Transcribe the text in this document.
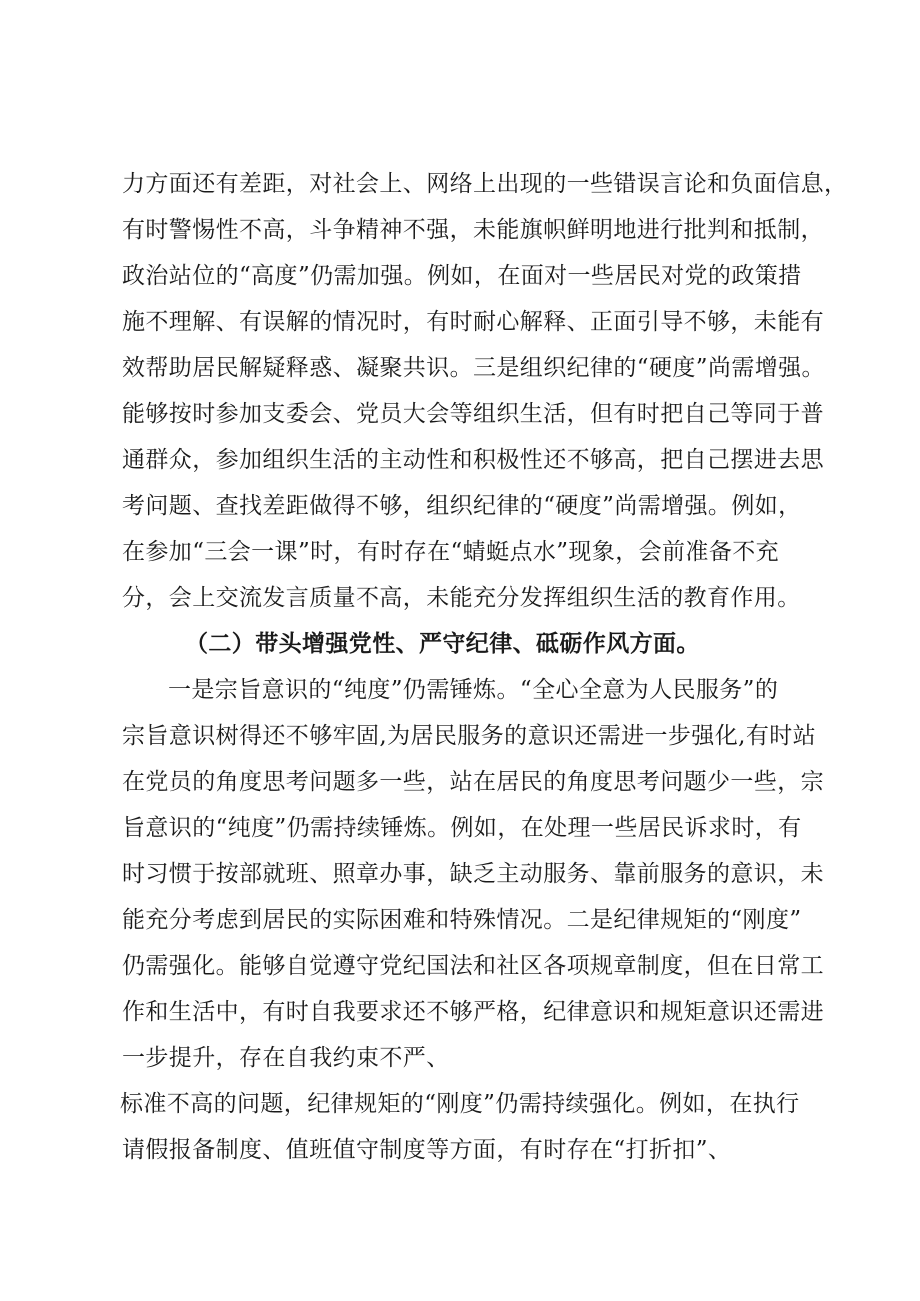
力方面还有差距，对社会上、网络上出现的一些错误言论和负面信息，
有时警惕性不高，斗争精神不强，未能旗帜鲜明地进行批判和抵制，
政治站位的“高度”仍需加强。例如，在面对一些居民对党的政策措
施不理解、有误解的情况时，有时耐心解释、正面引导不够，未能有
效帮助居民解疑释惑、凝聚共识。三是组织纪律的“硬度”尚需增强。
能够按时参加支委会、党员大会等组织生活，但有时把自己等同于普
通群众，参加组织生活的主动性和积极性还不够高，把自己摆进去思
考问题、查找差距做得不够，组织纪律的“硬度”尚需增强。例如，
在参加“三会一课”时，有时存在“蜻蜓点水”现象，会前准备不充
分，会上交流发言质量不高，未能充分发挥组织生活的教育作用。
（二）带头增强党性、严守纪律、砥砺作风方面。
一是宗旨意识的“纯度”仍需锤炼。“全心全意为人民服务”的
宗旨意识树得还不够牢固,为居民服务的意识还需进一步强化,有时站
在党员的角度思考问题多一些，站在居民的角度思考问题少一些，宗
旨意识的“纯度”仍需持续锤炼。例如，在处理一些居民诉求时，有
时习惯于按部就班、照章办事，缺乏主动服务、靠前服务的意识，未
能充分考虑到居民的实际困难和特殊情况。二是纪律规矩的“刚度”
仍需强化。能够自觉遵守党纪国法和社区各项规章制度，但在日常工
作和生活中，有时自我要求还不够严格，纪律意识和规矩意识还需进
一步提升，存在自我约束不严、
标准不高的问题，纪律规矩的“刚度”仍需持续强化。例如，在执行
请假报备制度、值班值守制度等方面，有时存在“打折扣”、
